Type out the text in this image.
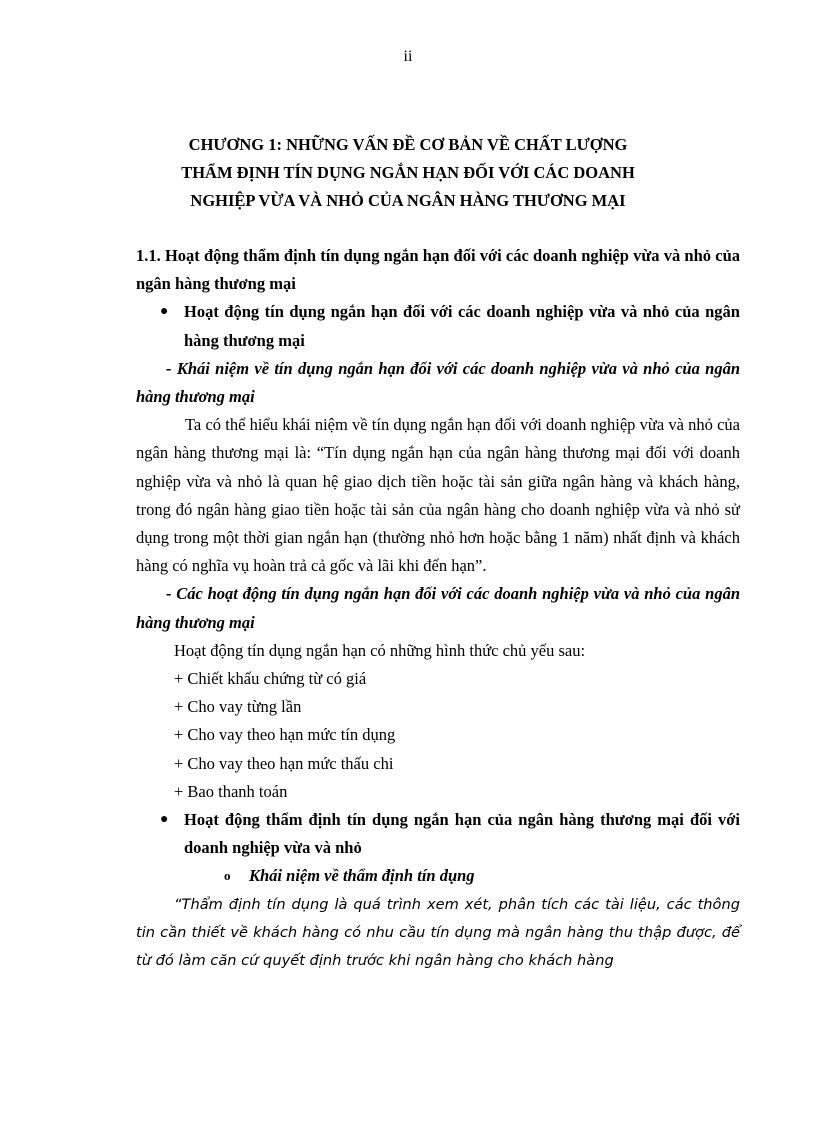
ii
CHƯƠNG 1: NHỮNG VẤN ĐỀ CƠ BẢN VỀ CHẤT LƯỢNG
THẨM ĐỊNH TÍN DỤNG NGẮN HẠN ĐỐI VỚI CÁC DOANH
NGHIỆP VỪA VÀ NHỎ CỦA NGÂN HÀNG THƯƠNG MẠI

1.1. Hoạt động thẩm định tín dụng ngắn hạn đối với các doanh nghiệp vừa và nhỏ của ngân hàng thương mại

● Hoạt động tín dụng ngắn hạn đối với các doanh nghiệp vừa và nhỏ của ngân hàng thương mại

- Khái niệm về tín dụng ngắn hạn đối với các doanh nghiệp vừa và nhỏ của ngân hàng thương mại

Ta có thể hiểu khái niệm về tín dụng ngắn hạn đối với doanh nghiệp vừa và nhỏ của ngân hàng thương mại là: “Tín dụng ngắn hạn của ngân hàng thương mại đối với doanh nghiệp vừa và nhỏ là quan hệ giao dịch tiền hoặc tài sản giữa ngân hàng và khách hàng, trong đó ngân hàng giao tiền hoặc tài sản của ngân hàng cho doanh nghiệp vừa và nhỏ sử dụng trong một thời gian ngắn hạn (thường nhỏ hơn hoặc bằng 1 năm) nhất định và khách hàng có nghĩa vụ hoàn trả cả gốc và lãi khi đến hạn”.

- Các hoạt động tín dụng ngắn hạn đối với các doanh nghiệp vừa và nhỏ của ngân hàng thương mại

Hoạt động tín dụng ngắn hạn có những hình thức chủ yếu sau:
+ Chiết khấu chứng từ có giá
+ Cho vay từng lần
+ Cho vay theo hạn mức tín dụng
+ Cho vay theo hạn mức thấu chi
+ Bao thanh toán
● Hoạt động thẩm định tín dụng ngắn hạn của ngân hàng thương mại đối với doanh nghiệp vừa và nhỏ
o Khái niệm về thẩm định tín dụng

“Thẩm định tín dụng là quá trình xem xét, phân tích các tài liệu, các thông tin cần thiết về khách hàng có nhu cầu tín dụng mà ngân hàng thu thập được, để từ đó làm căn cứ quyết định trước khi ngân hàng cho khách hàng
